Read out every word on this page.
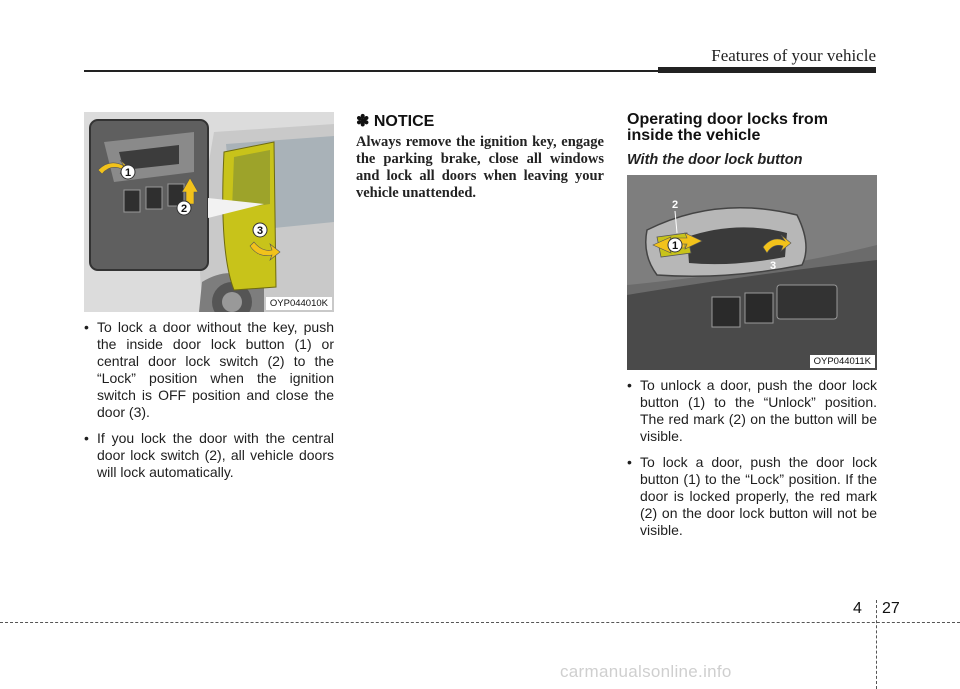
Features of your vehicle
1
2
3
OYP044010K
• To lock a door without the key, push the inside door lock button (1) or central door lock switch (2) to the “Lock” position when the ignition switch is OFF position and close the door (3).
• If you lock the door with the central door lock switch (2), all vehicle doors will lock automatically.
✽ NOTICE
Always remove the ignition key, engage the parking brake, close all windows and lock all doors when leaving your vehicle unattended.
Operating door locks from inside the vehicle
With the door lock button
2
1
3
OYP044011K
• To unlock a door, push the door lock button (1) to the “Unlock” position. The red mark (2) on the button will be visible.
• To lock a door, push the door lock button (1) to the “Lock” position. If the door is locked properly, the red mark (2) on the door lock button will not be visible.
4 27
carmanualsonline.info
